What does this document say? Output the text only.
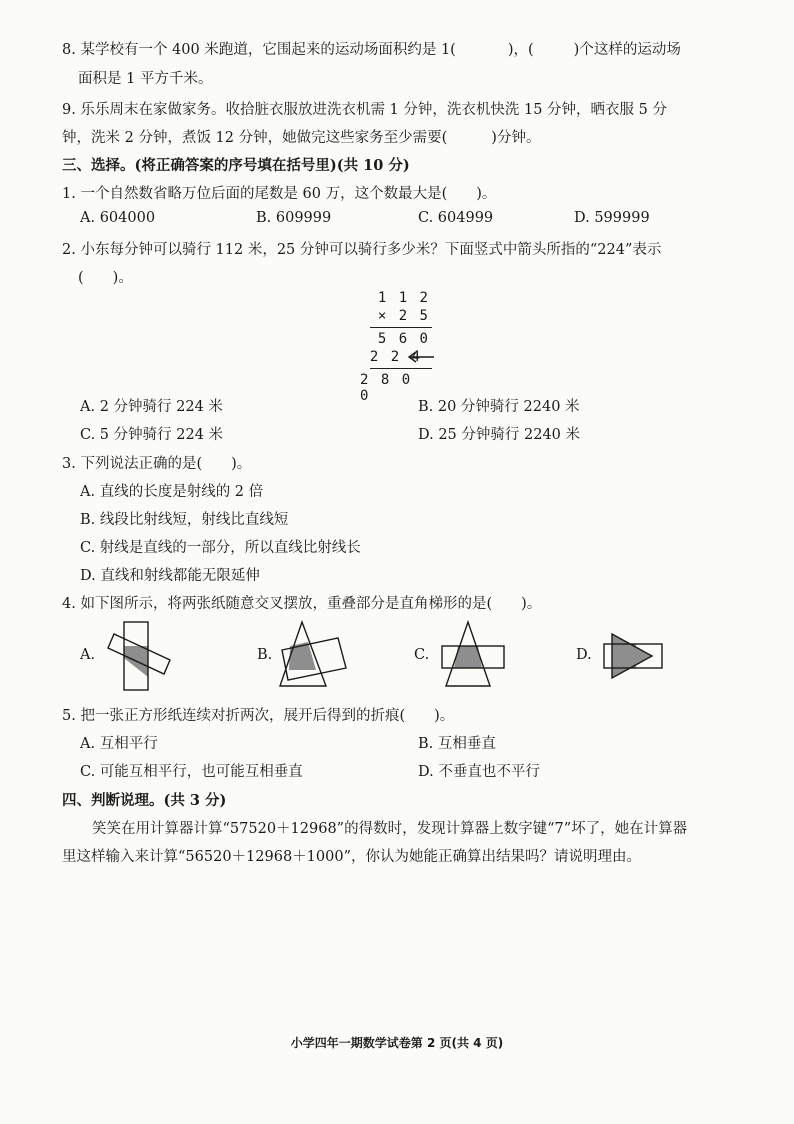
8. 某学校有一个 400 米跑道，它围起来的运动场面积约是 1(	)，(	)个这样的运动场
面积是 1 平方千米。
9. 乐乐周末在家做家务。收拾脏衣服放进洗衣机需 1 分钟，洗衣机快洗 15 分钟，晒衣服 5 分
钟，洗米 2 分钟，煮饭 12 分钟，她做完这些家务至少需要(	)分钟。
三、选择。(将正确答案的序号填在括号里)(共 10 分)
1. 一个自然数省略万位后面的尾数是 60 万，这个数最大是(　　)。
A. 604000	B. 609999	C. 604999	D. 599999
2. 小东每分钟可以骑行 112 米，25 分钟可以骑行多少米？下面竖式中箭头所指的“224”表示
(　　)。
1 1 2
× 2 5
5 6 0
2 2 4
2 8 0 0
A. 2 分钟骑行 224 米	B. 20 分钟骑行 2240 米
C. 5 分钟骑行 224 米	D. 25 分钟骑行 2240 米
3. 下列说法正确的是(　　)。
A. 直线的长度是射线的 2 倍
B. 线段比射线短，射线比直线短
C. 射线是直线的一部分，所以直线比射线长
D. 直线和射线都能无限延伸
4. 如下图所示，将两张纸随意交叉摆放，重叠部分是直角梯形的是(　　)。
A.	B.	C.	D.
5. 把一张正方形纸连续对折两次，展开后得到的折痕(　　)。
A. 互相平行	B. 互相垂直
C. 可能互相平行，也可能互相垂直	D. 不垂直也不平行
四、判断说理。(共 3 分)
笑笑在用计算器计算“57520＋12968”的得数时，发现计算器上数字键“7”坏了，她在计算器
里这样输入来计算“56520＋12968＋1000”，你认为她能正确算出结果吗？请说明理由。
小学四年一期数学试卷第 2 页(共 4 页)
